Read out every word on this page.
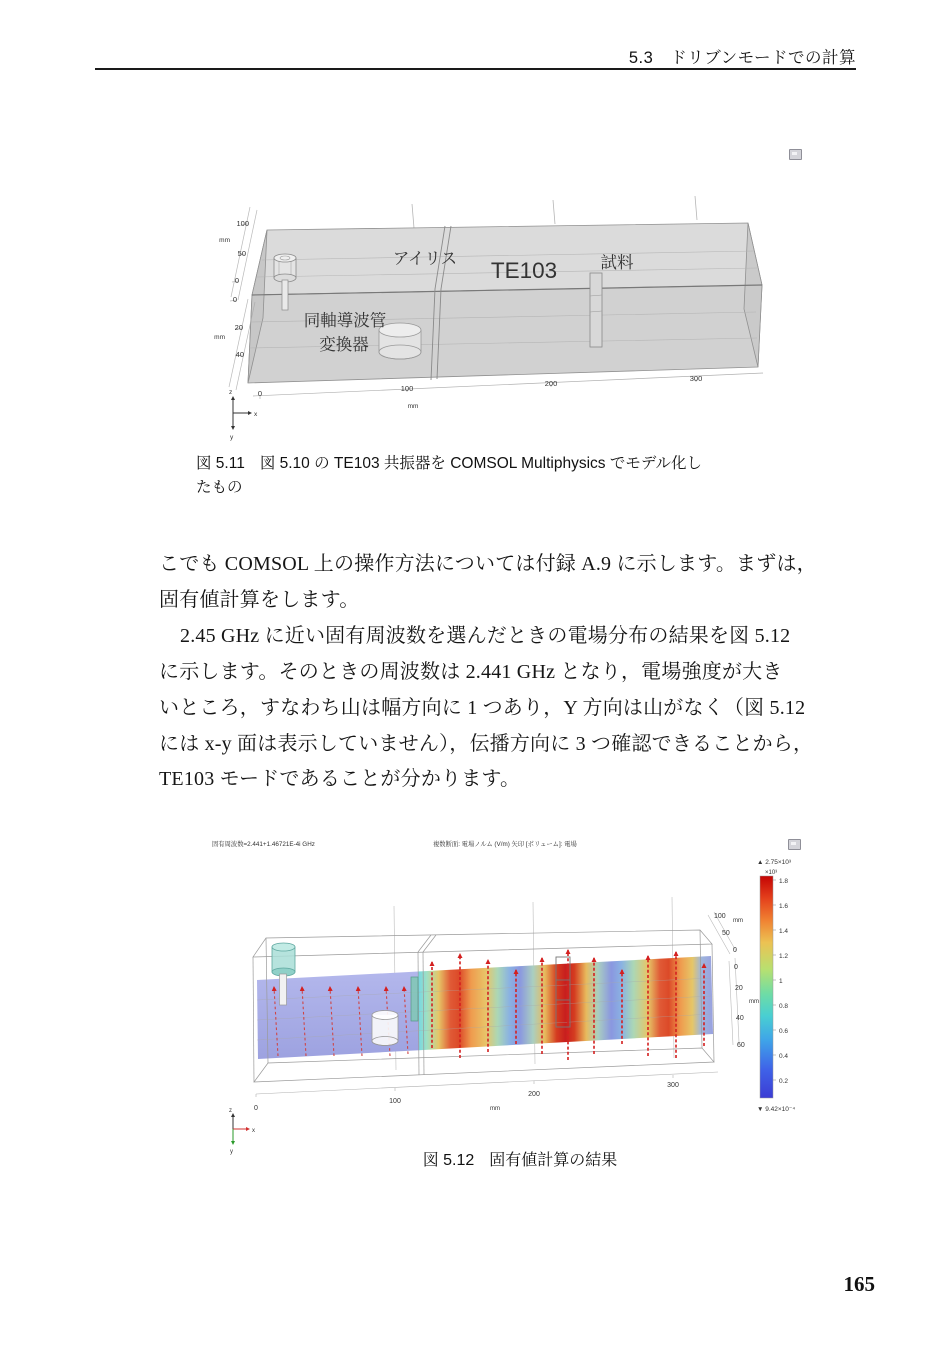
5.3　ドリブンモードでの計算
アイリス TE103	試料
同軸導波管
変換器
100
mm
50
0
0
20
mm
40
0
100
200
300
mm
z
x
y
図 5.11 図 5.10 の TE103 共振器を COMSOL Multiphysics でモデル化し
たもの
こでも COMSOL 上の操作方法については付録 A.9 に示します。まずは，
固有値計算をします。
2.45 GHz に近い固有周波数を選んだときの電場分布の結果を図 5.12
に示します。そのときの周波数は 2.441 GHz となり，電場強度が大き
いところ，すなわち山は幅方向に 1 つあり，Y 方向は山がなく（図 5.12
には x-y 面は表示していません），伝播方向に 3 つ確認できることから，
TE103 モードであることが分かります。
固有周波数=2.441+1.46721E-4i GHz	複数断面: 電場ノルム (V/m) 矢印 [ボリューム]: 電場
100
mm
50
0
0
20
mm
40
60
0
100
200
300
mm
▲ 2.75×10³
×10³
1.8
1.6
1.4
1.2
1
0.8
0.6
0.4
0.2
▼ 9.42×10⁻⁴
z
x
y	図 5.12 固有値計算の結果
165
